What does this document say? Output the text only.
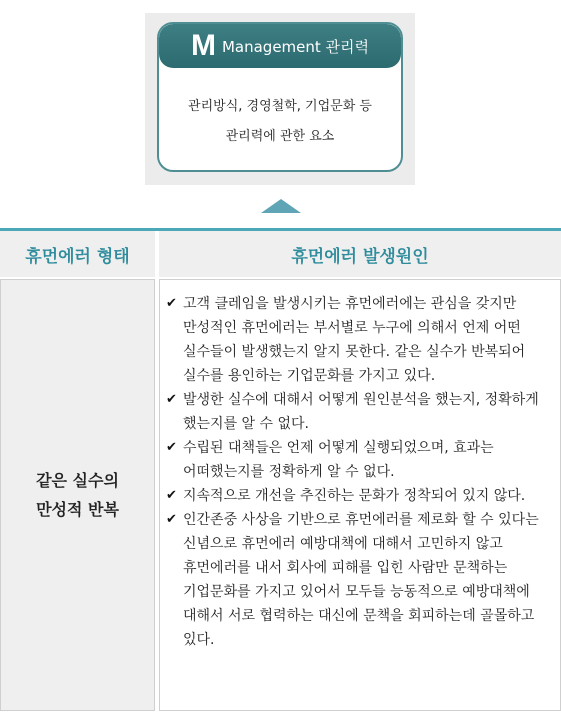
M Management 관리력
관리방식, 경영철학, 기업문화 등
관리력에 관한 요소
휴먼에러 형태	휴먼에러 발생원인
같은 실수의
만성적 반복
✔ 고객 클레임을 발생시키는 휴먼에러에는 관심을 갖지만 만성적인 휴먼에러는 부서별로 누구에 의해서 언제 어떤 실수들이 발생했는지 알지 못한다. 같은 실수가 반복되어 실수를 용인하는 기업문화를 가지고 있다.
✔ 발생한 실수에 대해서 어떻게 원인분석을 했는지, 정확하게 했는지를 알 수 없다.
✔ 수립된 대책들은 언제 어떻게 실행되었으며, 효과는 어떠했는지를 정확하게 알 수 없다.
✔ 지속적으로 개선을 추진하는 문화가 정착되어 있지 않다.
✔ 인간존중 사상을 기반으로 휴먼에러를 제로화 할 수 있다는 신념으로 휴먼에러 예방대책에 대해서 고민하지 않고 휴먼에러를 내서 회사에 피해를 입힌 사람만 문책하는 기업문화를 가지고 있어서 모두들 능동적으로 예방대책에 대해서 서로 협력하는 대신에 문책을 회피하는데 골몰하고 있다.
